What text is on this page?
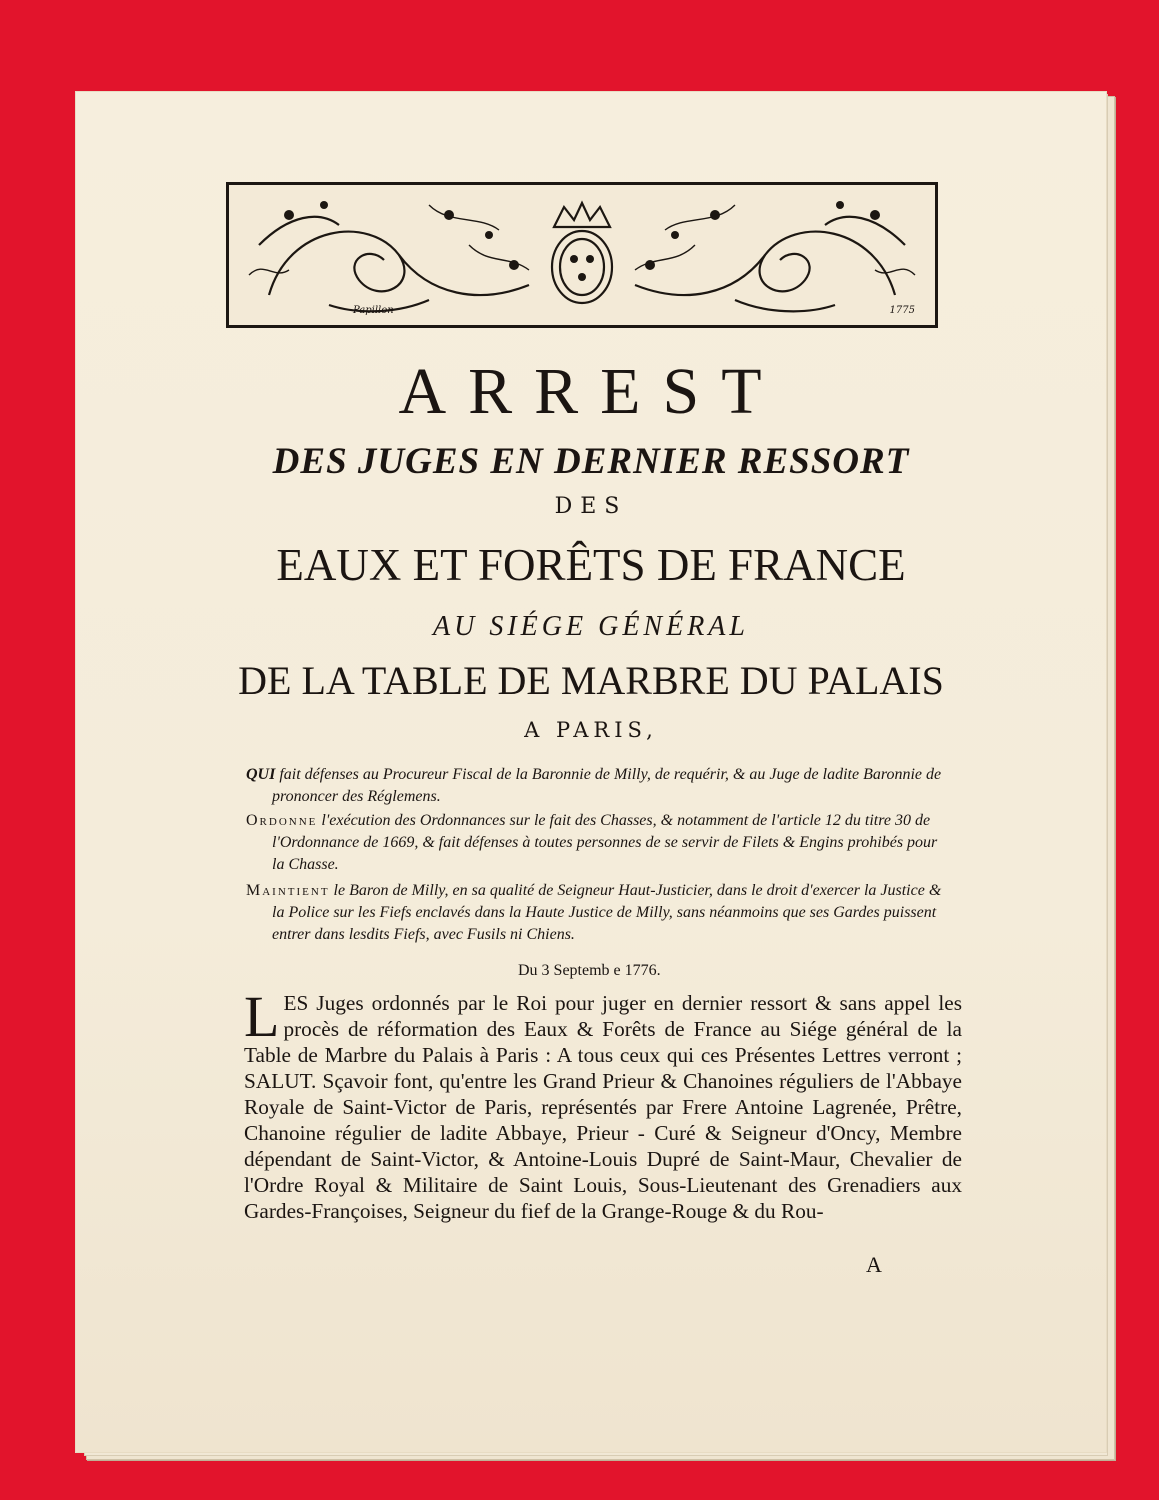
Papillon	1775
ARREST
DES JUGES EN DERNIER RESSORT
DES
EAUX ET FORÊTS DE FRANCE
AU SIÉGE GÉNÉRAL
DE LA TABLE DE MARBRE DU PALAIS
A PARIS,
QUI fait défenses au Procureur Fiscal de la Baronnie de Milly, de requérir, & au Juge de ladite Baronnie de prononcer des Réglemens.
Ordonne l'exécution des Ordonnances sur le fait des Chasses, & notamment de l'article 12 du titre 30 de l'Ordonnance de 1669, & fait défenses à toutes personnes de se servir de Filets & Engins prohibés pour la Chasse.
Maintient le Baron de Milly, en sa qualité de Seigneur Haut-Justicier, dans le droit d'exercer la Justice & la Police sur les Fiefs enclavés dans la Haute Justice de Milly, sans néanmoins que ses Gardes puissent entrer dans lesdits Fiefs, avec Fusils ni Chiens.
Du 3 Septemb e 1776.
L ES Juges ordonnés par le Roi pour juger en dernier ressort & sans appel les procès de réformation des Eaux & Forêts de France au Siége général de la Table de Marbre du Palais à Paris : A tous ceux qui ces Présentes Lettres verront ; SALUT. Sçavoir font, qu'entre les Grand Prieur & Chanoines réguliers de l'Abbaye Royale de Saint-Victor de Paris, représentés par Frere Antoine Lagrenée, Prêtre, Chanoine régulier de ladite Abbaye, Prieur - Curé & Seigneur d'Oncy, Membre dépendant de Saint-Victor, & Antoine-Louis Dupré de Saint-Maur, Chevalier de l'Ordre Royal & Militaire de Saint Louis, Sous-Lieutenant des Grenadiers aux Gardes-Françoises, Seigneur du fief de la Grange-Rouge & du Rou-
A
